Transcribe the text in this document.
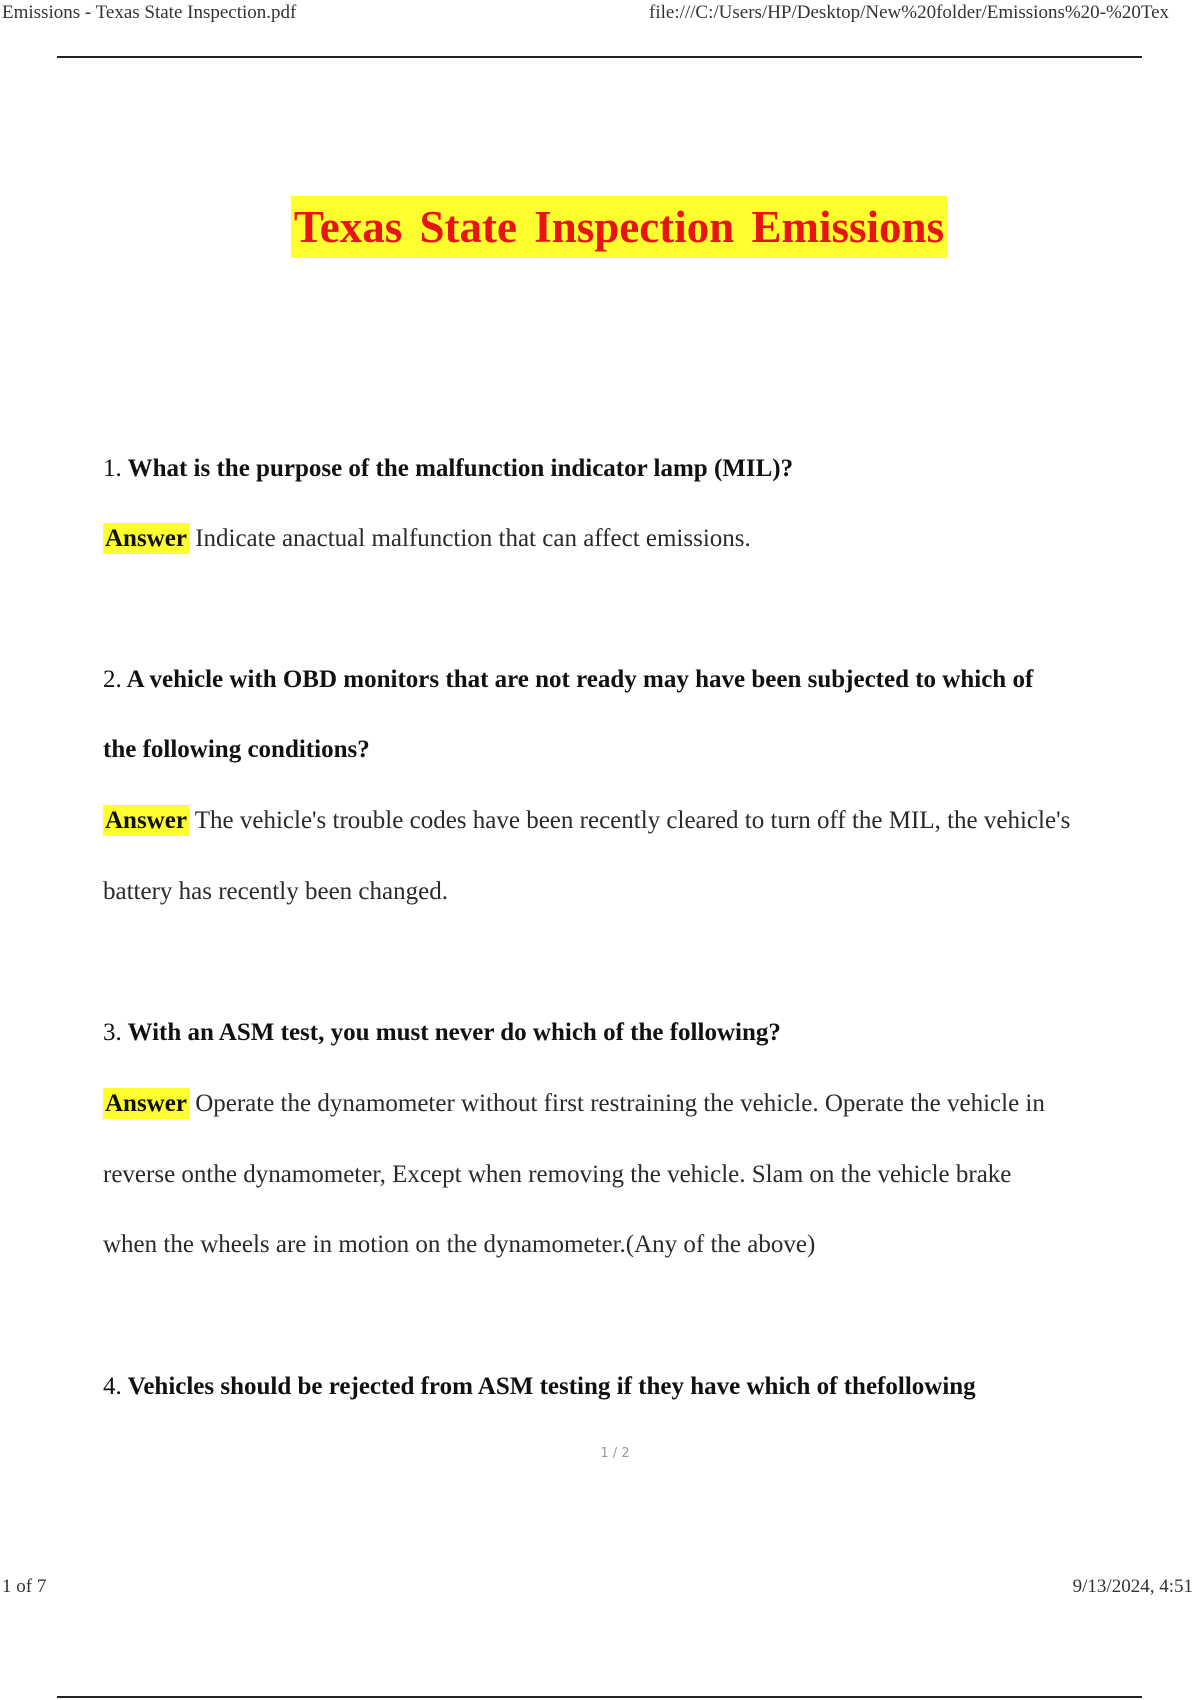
Emissions - Texas State Inspection.pdf	file:///C:/Users/HP/Desktop/New%20folder/Emissions%20-%20Tex
Texas State Inspection Emissions
1. What is the purpose of the malfunction indicator lamp (MIL)?
Answer Indicate anactual malfunction that can affect emissions.
2. A vehicle with OBD monitors that are not ready may have been subjected to which of
the following conditions?
Answer The vehicle's trouble codes have been recently cleared to turn off the MIL, the vehicle's
battery has recently been changed.
3. With an ASM test, you must never do which of the following?
Answer Operate the dynamometer without first restraining the vehicle. Operate the vehicle in
reverse onthe dynamometer, Except when removing the vehicle. Slam on the vehicle brake
when the wheels are in motion on the dynamometer.(Any of the above)
4. Vehicles should be rejected from ASM testing if they have which of thefollowing
1 / 2
1 of 7	9/13/2024, 4:51
